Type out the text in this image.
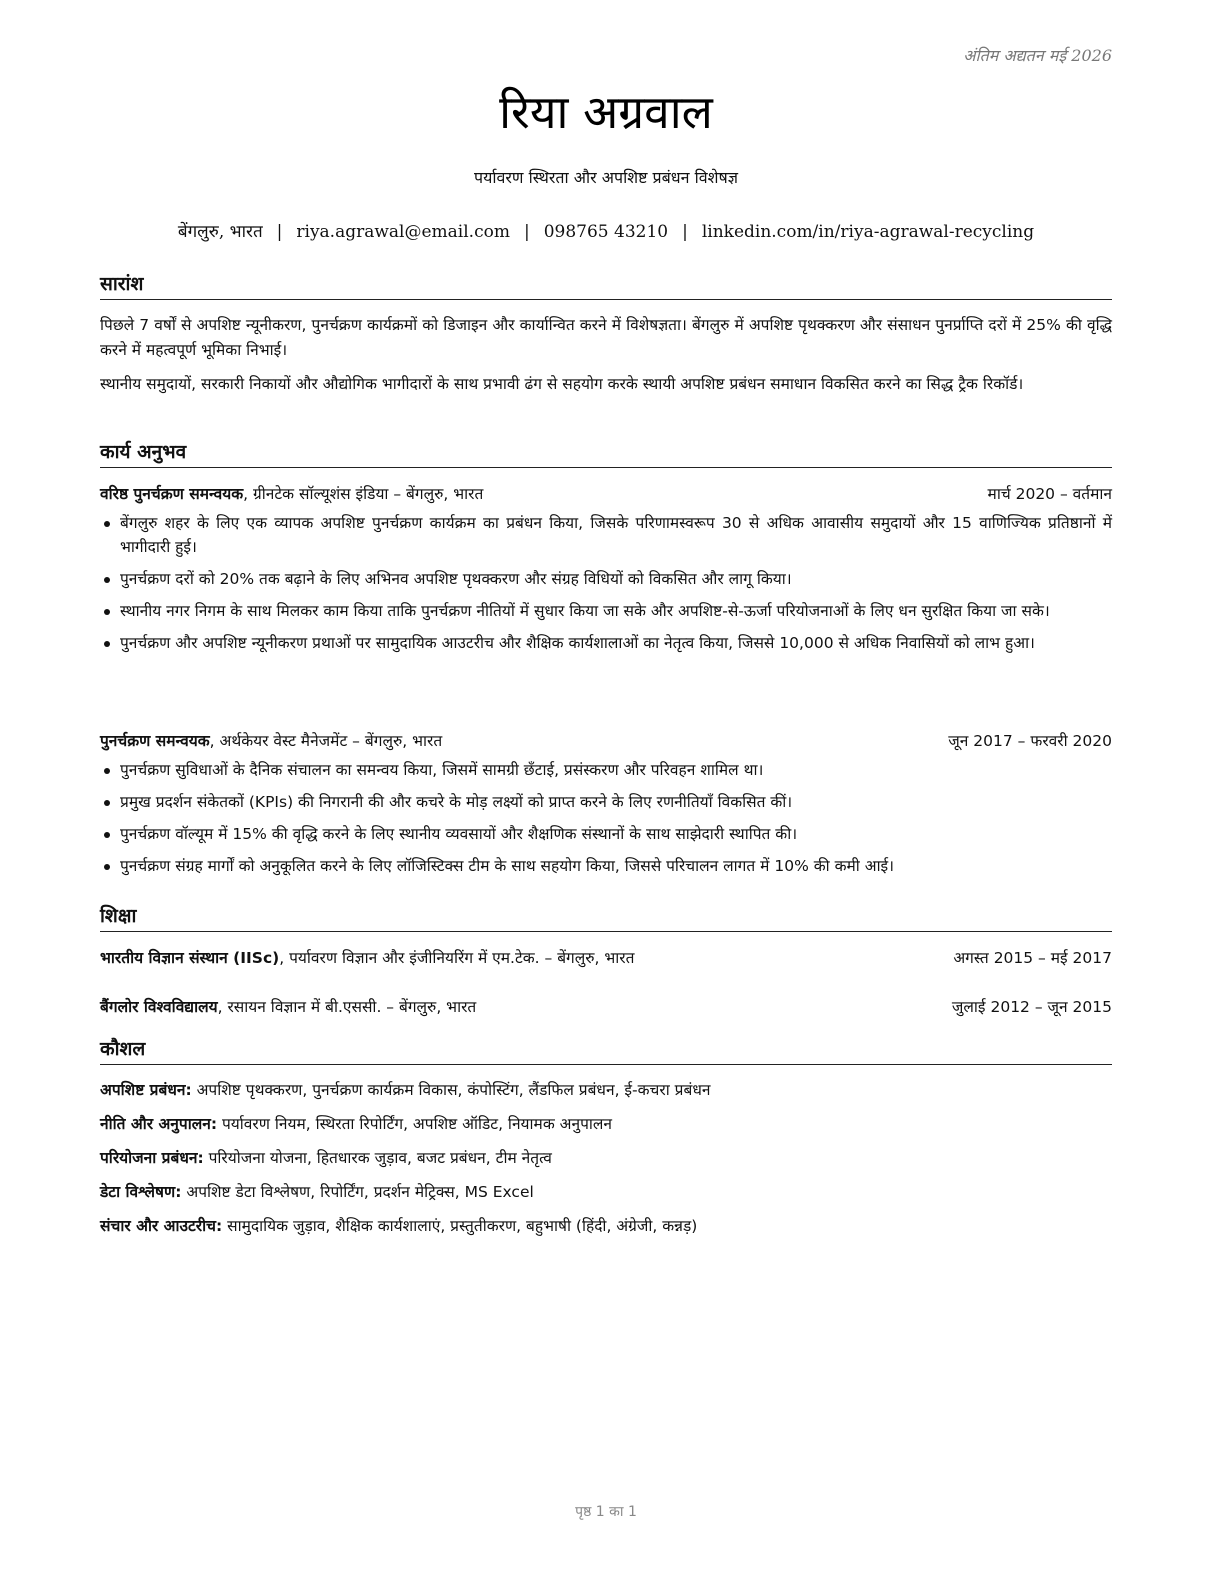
अंतिम अद्यतन मई 2026
रिया अग्रवाल
पर्यावरण स्थिरता और अपशिष्ट प्रबंधन विशेषज्ञ
बेंगलुरु, भारत | riya.agrawal@email.com | 098765 43210 | linkedin.com/in/riya-agrawal-recycling
सारांश
पिछले 7 वर्षों से अपशिष्ट न्यूनीकरण, पुनर्चक्रण कार्यक्रमों को डिजाइन और कार्यान्वित करने में विशेषज्ञता। बेंगलुरु में अपशिष्ट पृथक्करण और संसाधन पुनर्प्राप्ति दरों में 25% की वृद्धि करने में महत्वपूर्ण भूमिका निभाई।
स्थानीय समुदायों, सरकारी निकायों और औद्योगिक भागीदारों के साथ प्रभावी ढंग से सहयोग करके स्थायी अपशिष्ट प्रबंधन समाधान विकसित करने का सिद्ध ट्रैक रिकॉर्ड।
कार्य अनुभव
वरिष्ठ पुनर्चक्रण समन्वयक, ग्रीनटेक सॉल्यूशंस इंडिया – बेंगलुरु, भारत	मार्च 2020 – वर्तमान
बेंगलुरु शहर के लिए एक व्यापक अपशिष्ट पुनर्चक्रण कार्यक्रम का प्रबंधन किया, जिसके परिणामस्वरूप 30 से अधिक आवासीय समुदायों और 15 वाणिज्यिक प्रतिष्ठानों में भागीदारी हुई।
पुनर्चक्रण दरों को 20% तक बढ़ाने के लिए अभिनव अपशिष्ट पृथक्करण और संग्रह विधियों को विकसित और लागू किया।
स्थानीय नगर निगम के साथ मिलकर काम किया ताकि पुनर्चक्रण नीतियों में सुधार किया जा सके और अपशिष्ट-से-ऊर्जा परियोजनाओं के लिए धन सुरक्षित किया जा सके।
पुनर्चक्रण और अपशिष्ट न्यूनीकरण प्रथाओं पर सामुदायिक आउटरीच और शैक्षिक कार्यशालाओं का नेतृत्व किया, जिससे 10,000 से अधिक निवासियों को लाभ हुआ।
पुनर्चक्रण समन्वयक, अर्थकेयर वेस्ट मैनेजमेंट – बेंगलुरु, भारत	जून 2017 – फरवरी 2020
पुनर्चक्रण सुविधाओं के दैनिक संचालन का समन्वय किया, जिसमें सामग्री छँटाई, प्रसंस्करण और परिवहन शामिल था।
प्रमुख प्रदर्शन संकेतकों (KPIs) की निगरानी की और कचरे के मोड़ लक्ष्यों को प्राप्त करने के लिए रणनीतियाँ विकसित कीं।
पुनर्चक्रण वॉल्यूम में 15% की वृद्धि करने के लिए स्थानीय व्यवसायों और शैक्षणिक संस्थानों के साथ साझेदारी स्थापित की।
पुनर्चक्रण संग्रह मार्गों को अनुकूलित करने के लिए लॉजिस्टिक्स टीम के साथ सहयोग किया, जिससे परिचालन लागत में 10% की कमी आई।
शिक्षा
भारतीय विज्ञान संस्थान (IISc), पर्यावरण विज्ञान और इंजीनियरिंग में एम.टेक. – बेंगलुरु, भारत	अगस्त 2015 – मई 2017
बैंगलोर विश्वविद्यालय, रसायन विज्ञान में बी.एससी. – बेंगलुरु, भारत	जुलाई 2012 – जून 2015
कौशल
अपशिष्ट प्रबंधन: अपशिष्ट पृथक्करण, पुनर्चक्रण कार्यक्रम विकास, कंपोस्टिंग, लैंडफिल प्रबंधन, ई-कचरा प्रबंधन
नीति और अनुपालन: पर्यावरण नियम, स्थिरता रिपोर्टिंग, अपशिष्ट ऑडिट, नियामक अनुपालन
परियोजना प्रबंधन: परियोजना योजना, हितधारक जुड़ाव, बजट प्रबंधन, टीम नेतृत्व
डेटा विश्लेषण: अपशिष्ट डेटा विश्लेषण, रिपोर्टिंग, प्रदर्शन मेट्रिक्स, MS Excel
संचार और आउटरीच: सामुदायिक जुड़ाव, शैक्षिक कार्यशालाएं, प्रस्तुतीकरण, बहुभाषी (हिंदी, अंग्रेजी, कन्नड़)
पृष्ठ 1 का 1
